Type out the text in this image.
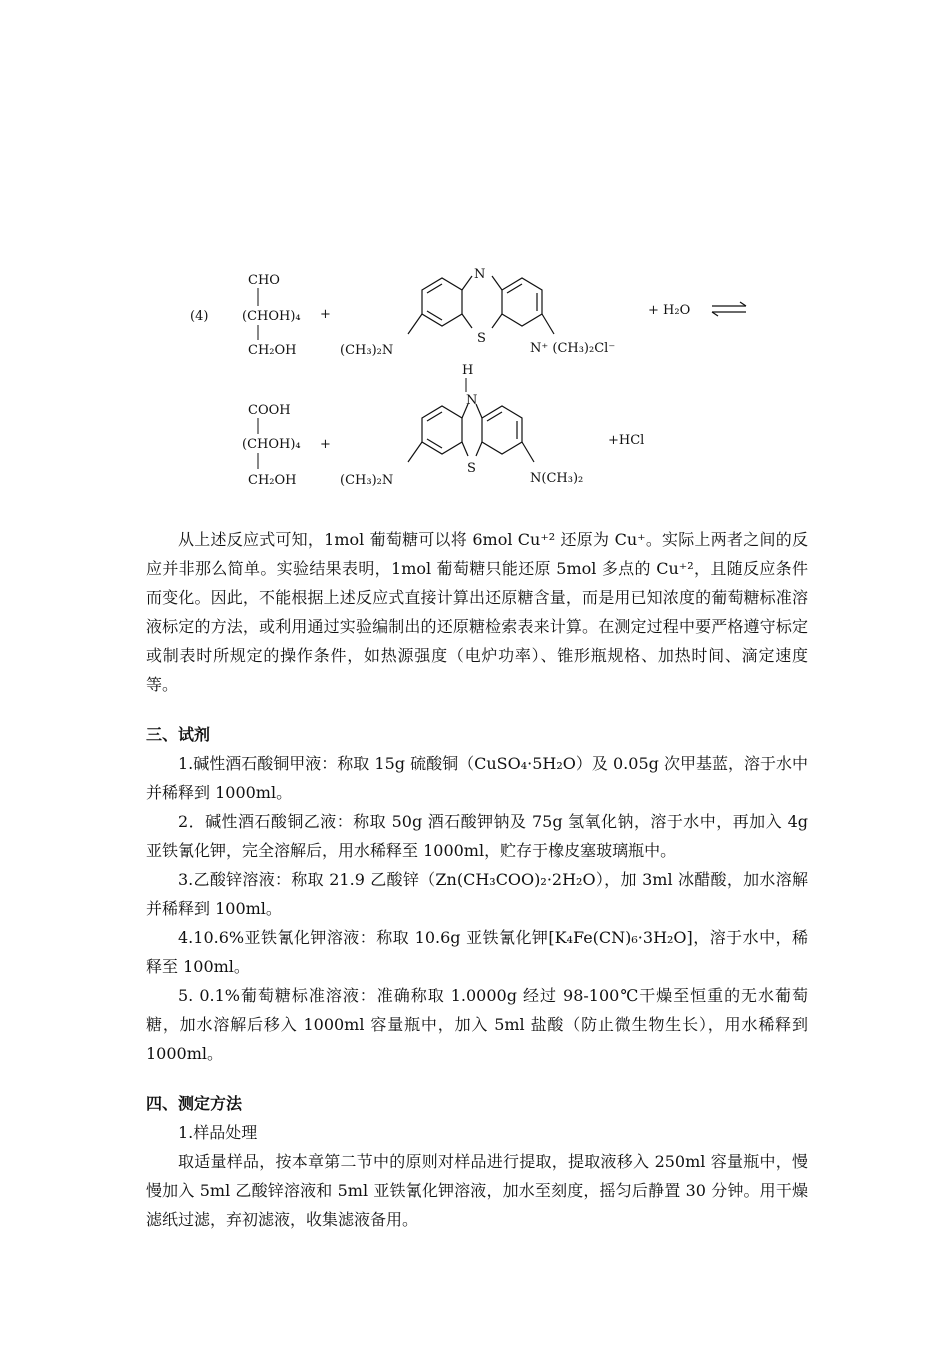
(4)
CHO
(CHOH)₄
CH₂OH
+
N
S
(CH₃)₂N	N⁺ (CH₃)₂Cl⁻
+ H₂O
COOH
(CHOH)₄
CH₂OH
+
H
N
S
(CH₃)₂N	N(CH₃)₂
+HCl

从上述反应式可知，1mol 葡萄糖可以将 6mol Cu⁺² 还原为 Cu⁺。实际上两者之间的反应并非那么简单。实验结果表明，1mol 葡萄糖只能还原 5mol 多点的 Cu⁺²，且随反应条件而变化。因此，不能根据上述反应式直接计算出还原糖含量，而是用已知浓度的葡萄糖标准溶液标定的方法，或利用通过实验编制出的还原糖检索表来计算。在测定过程中要严格遵守标定或制表时所规定的操作条件，如热源强度（电炉功率）、锥形瓶规格、加热时间、滴定速度等。

三、试剂

1.碱性酒石酸铜甲液：称取 15g 硫酸铜（CuSO₄·5H₂O）及 0.05g 次甲基蓝，溶于水中并稀释到 1000ml。

2．碱性酒石酸铜乙液：称取 50g 酒石酸钾钠及 75g 氢氧化钠，溶于水中，再加入 4g 亚铁氰化钾，完全溶解后，用水稀释至 1000ml，贮存于橡皮塞玻璃瓶中。

3.乙酸锌溶液：称取 21.9 乙酸锌（Zn(CH₃COO)₂·2H₂O），加 3ml 冰醋酸，加水溶解并稀释到 100ml。

4.10.6%亚铁氰化钾溶液：称取 10.6g 亚铁氰化钾[K₄Fe(CN)₆·3H₂O]，溶于水中，稀释至 100ml。

5. 0.1%葡萄糖标准溶液：准确称取 1.0000g 经过 98-100℃干燥至恒重的无水葡萄糖，加水溶解后移入 1000ml 容量瓶中，加入 5ml 盐酸（防止微生物生长），用水稀释到 1000ml。

四、测定方法

1.样品处理

取适量样品，按本章第二节中的原则对样品进行提取，提取液移入 250ml 容量瓶中，慢慢加入 5ml 乙酸锌溶液和 5ml 亚铁氰化钾溶液，加水至刻度，摇匀后静置 30 分钟。用干燥滤纸过滤，弃初滤液，收集滤液备用。
